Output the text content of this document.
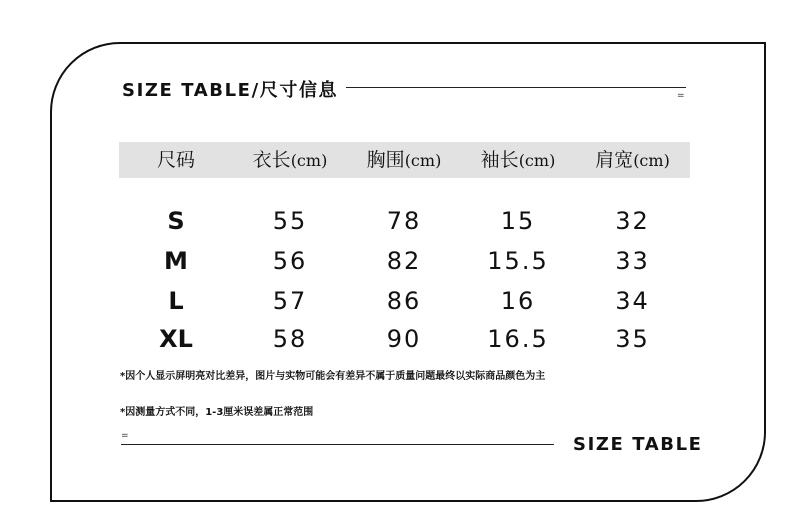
SIZE TABLE/尺寸信息	=
尺码	衣长(cm)	胸围(cm)	袖长(cm)	肩宽(cm)
S	55	78	15	32
M	56	82	15.5	33
L	57	86	16	34
XL	58	90	16.5	35
*因个人显示屏明亮对比差异，图片与实物可能会有差异不属于质量问题最终以实际商品颜色为主
*因测量方式不同，1-3厘米误差属正常范围
=	SIZE TABLE
